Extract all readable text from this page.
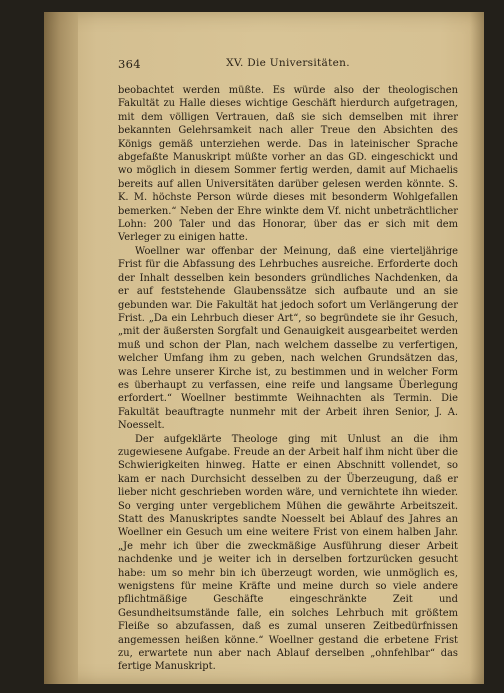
364	XV. Die Universitäten.

beobachtet werden müßte. Es würde also der theologischen Fakultät zu Halle dieses wichtige Geschäft hierdurch aufgetragen, mit dem völligen Vertrauen, daß sie sich demselben mit ihrer bekannten Gelehrsamkeit nach aller Treue den Absichten des Königs gemäß unterziehen werde. Das in lateinischer Sprache abgefaßte Manuskript müßte vorher an das GD. eingeschickt und wo möglich in diesem Sommer fertig werden, damit auf Michaelis bereits auf allen Universitäten darüber gelesen werden könnte. S. K. M. höchste Person würde dieses mit besonderm Wohlgefallen bemerken.“ Neben der Ehre winkte dem Vf. nicht unbeträchtlicher Lohn: 200 Taler und das Honorar, über das er sich mit dem Verleger zu einigen hatte.

Woellner war offenbar der Meinung, daß eine vierteljährige Frist für die Abfassung des Lehrbuches ausreiche. Erforderte doch der Inhalt desselben kein besonders gründliches Nachdenken, da er auf feststehende Glaubenssätze sich aufbaute und an sie gebunden war. Die Fakultät hat jedoch sofort um Verlängerung der Frist. „Da ein Lehrbuch dieser Art“, so begründete sie ihr Gesuch, „mit der äußersten Sorgfalt und Genauigkeit ausgearbeitet werden muß und schon der Plan, nach welchem dasselbe zu verfertigen, welcher Umfang ihm zu geben, nach welchen Grundsätzen das, was Lehre unserer Kirche ist, zu bestimmen und in welcher Form es überhaupt zu verfassen, eine reife und langsame Überlegung erfordert.“ Woellner bestimmte Weihnachten als Termin. Die Fakultät beauftragte nunmehr mit der Arbeit ihren Senior, J. A. Noesselt.

Der aufgeklärte Theologe ging mit Unlust an die ihm zugewiesene Aufgabe. Freude an der Arbeit half ihm nicht über die Schwierigkeiten hinweg. Hatte er einen Abschnitt vollendet, so kam er nach Durchsicht desselben zu der Überzeugung, daß er lieber nicht geschrieben worden wäre, und vernichtete ihn wieder. So verging unter vergeblichem Mühen die gewährte Arbeitszeit. Statt des Manuskriptes sandte Noesselt bei Ablauf des Jahres an Woellner ein Gesuch um eine weitere Frist von einem halben Jahr. „Je mehr ich über die zweckmäßige Ausführung dieser Arbeit nachdenke und je weiter ich in derselben fortzurücken gesucht habe: um so mehr bin ich überzeugt worden, wie unmöglich es, wenigstens für meine Kräfte und meine durch so viele andere pflichtmäßige Geschäfte eingeschränkte Zeit und Gesundheitsumstände falle, ein solches Lehrbuch mit größtem Fleiße so abzufassen, daß es zumal unseren Zeitbedürfnissen angemessen heißen könne.“ Woellner gestand die erbetene Frist zu, erwartete nun aber nach Ablauf derselben „ohnfehlbar“ das fertige Manuskript.
